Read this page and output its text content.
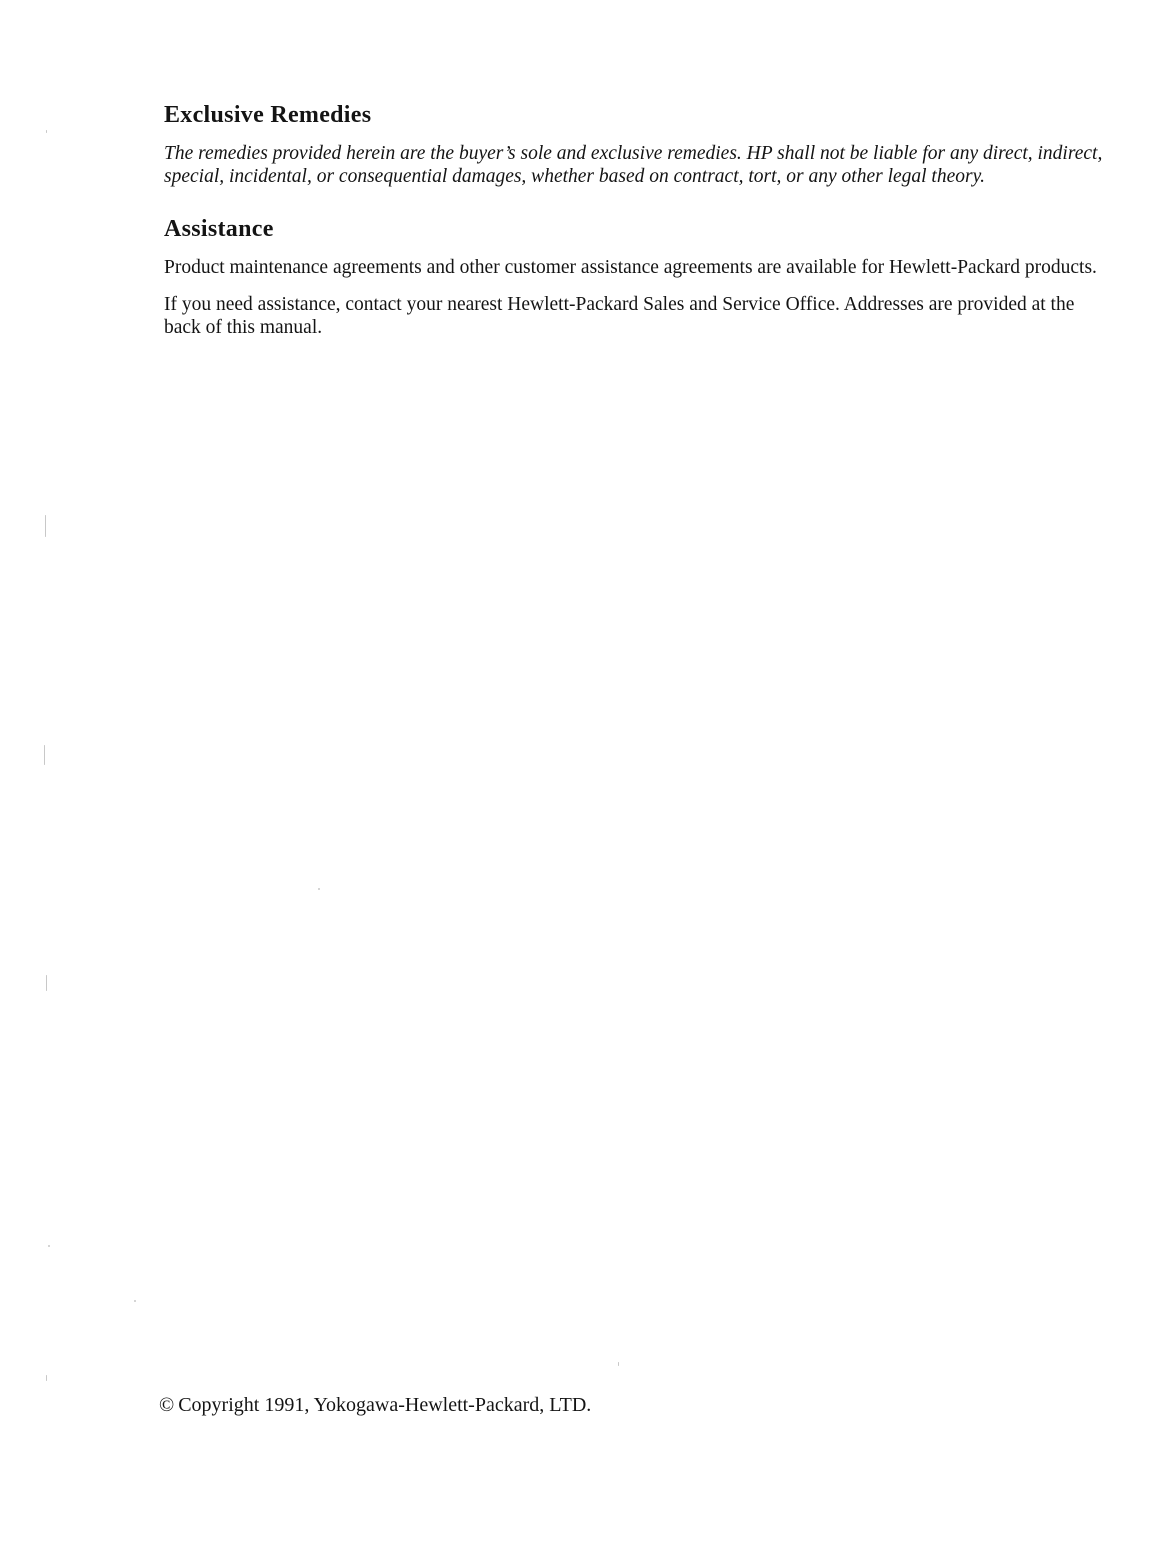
Exclusive Remedies

The remedies provided herein are the buyer’s sole and exclusive remedies. HP shall not be liable for any direct, indirect, special, incidental, or consequential damages, whether based on contract, tort, or any other legal theory.

Assistance

Product maintenance agreements and other customer assistance agreements are available for Hewlett-Packard products.

If you need assistance, contact your nearest Hewlett-Packard Sales and Service Office. Addresses are provided at the back of this manual.

© Copyright 1991, Yokogawa-Hewlett-Packard, LTD.
